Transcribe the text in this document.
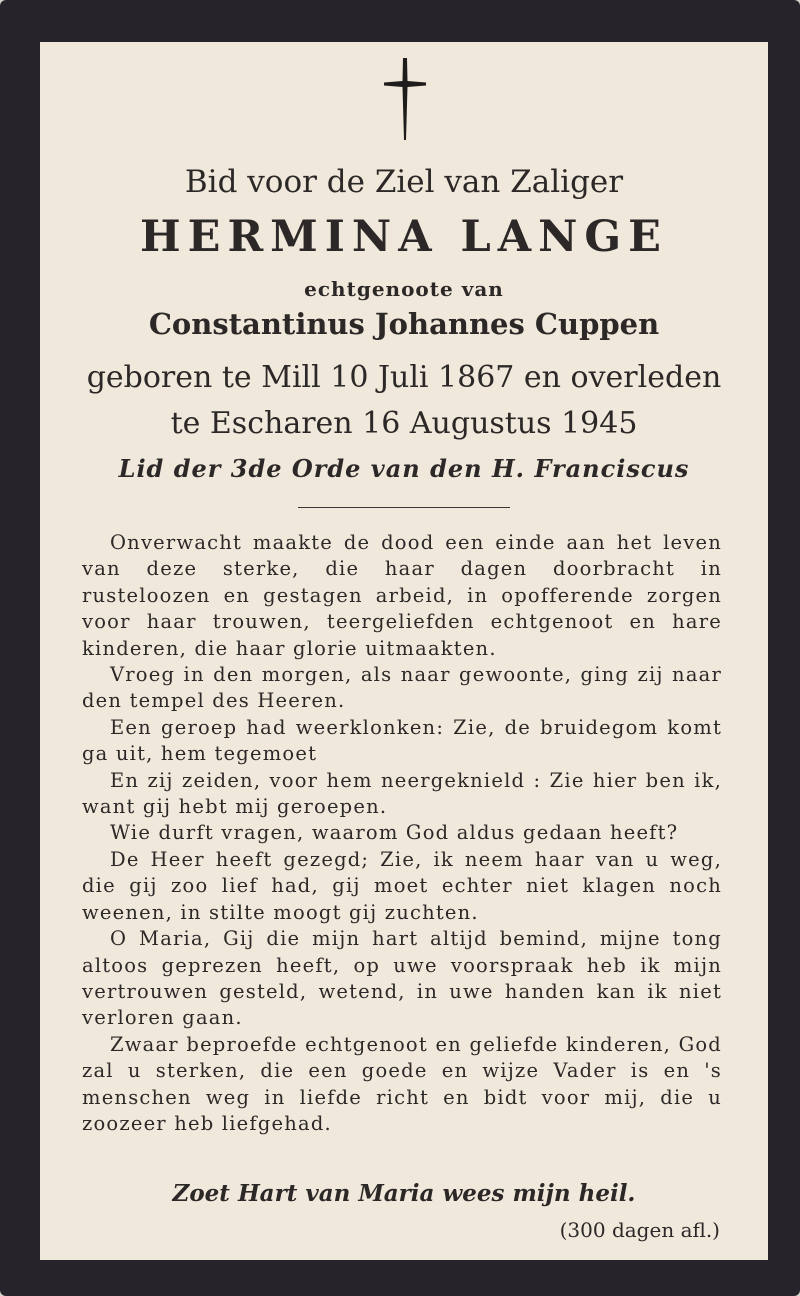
Bid voor de Ziel van Zaliger
HERMINA LANGE
echtgenoote van
Constantinus Johannes Cuppen
geboren te Mill 10 Juli 1867 en overleden
te Escharen 16 Augustus 1945
Lid der 3de Orde van den H. Franciscus

Onverwacht maakte de dood een einde aan het leven van deze sterke, die haar dagen doorbracht in rusteloozen en gestagen arbeid, in opofferende zorgen voor haar trouwen, teergeliefden echtgenoot en hare kinderen, die haar glorie uitmaakten.

Vroeg in den morgen, als naar gewoonte, ging zij naar den tempel des Heeren.

Een geroep had weerklonken: Zie, de bruidegom komt ga uit, hem tegemoet

En zij zeiden, voor hem neergeknield : Zie hier ben ik, want gij hebt mij geroepen.

Wie durft vragen, waarom God aldus gedaan heeft?

De Heer heeft gezegd; Zie, ik neem haar van u weg, die gij zoo lief had, gij moet echter niet klagen noch weenen, in stilte moogt gij zuchten.

O Maria, Gij die mijn hart altijd bemind, mijne tong altoos geprezen heeft, op uwe voorspraak heb ik mijn vertrouwen gesteld, wetend, in uwe handen kan ik niet verloren gaan.

Zwaar beproefde echtgenoot en geliefde kinderen, God zal u sterken, die een goede en wijze Vader is en 's menschen weg in liefde richt en bidt voor mij, die u zoozeer heb liefgehad.

Zoet Hart van Maria wees mijn heil.
(300 dagen afl.)
